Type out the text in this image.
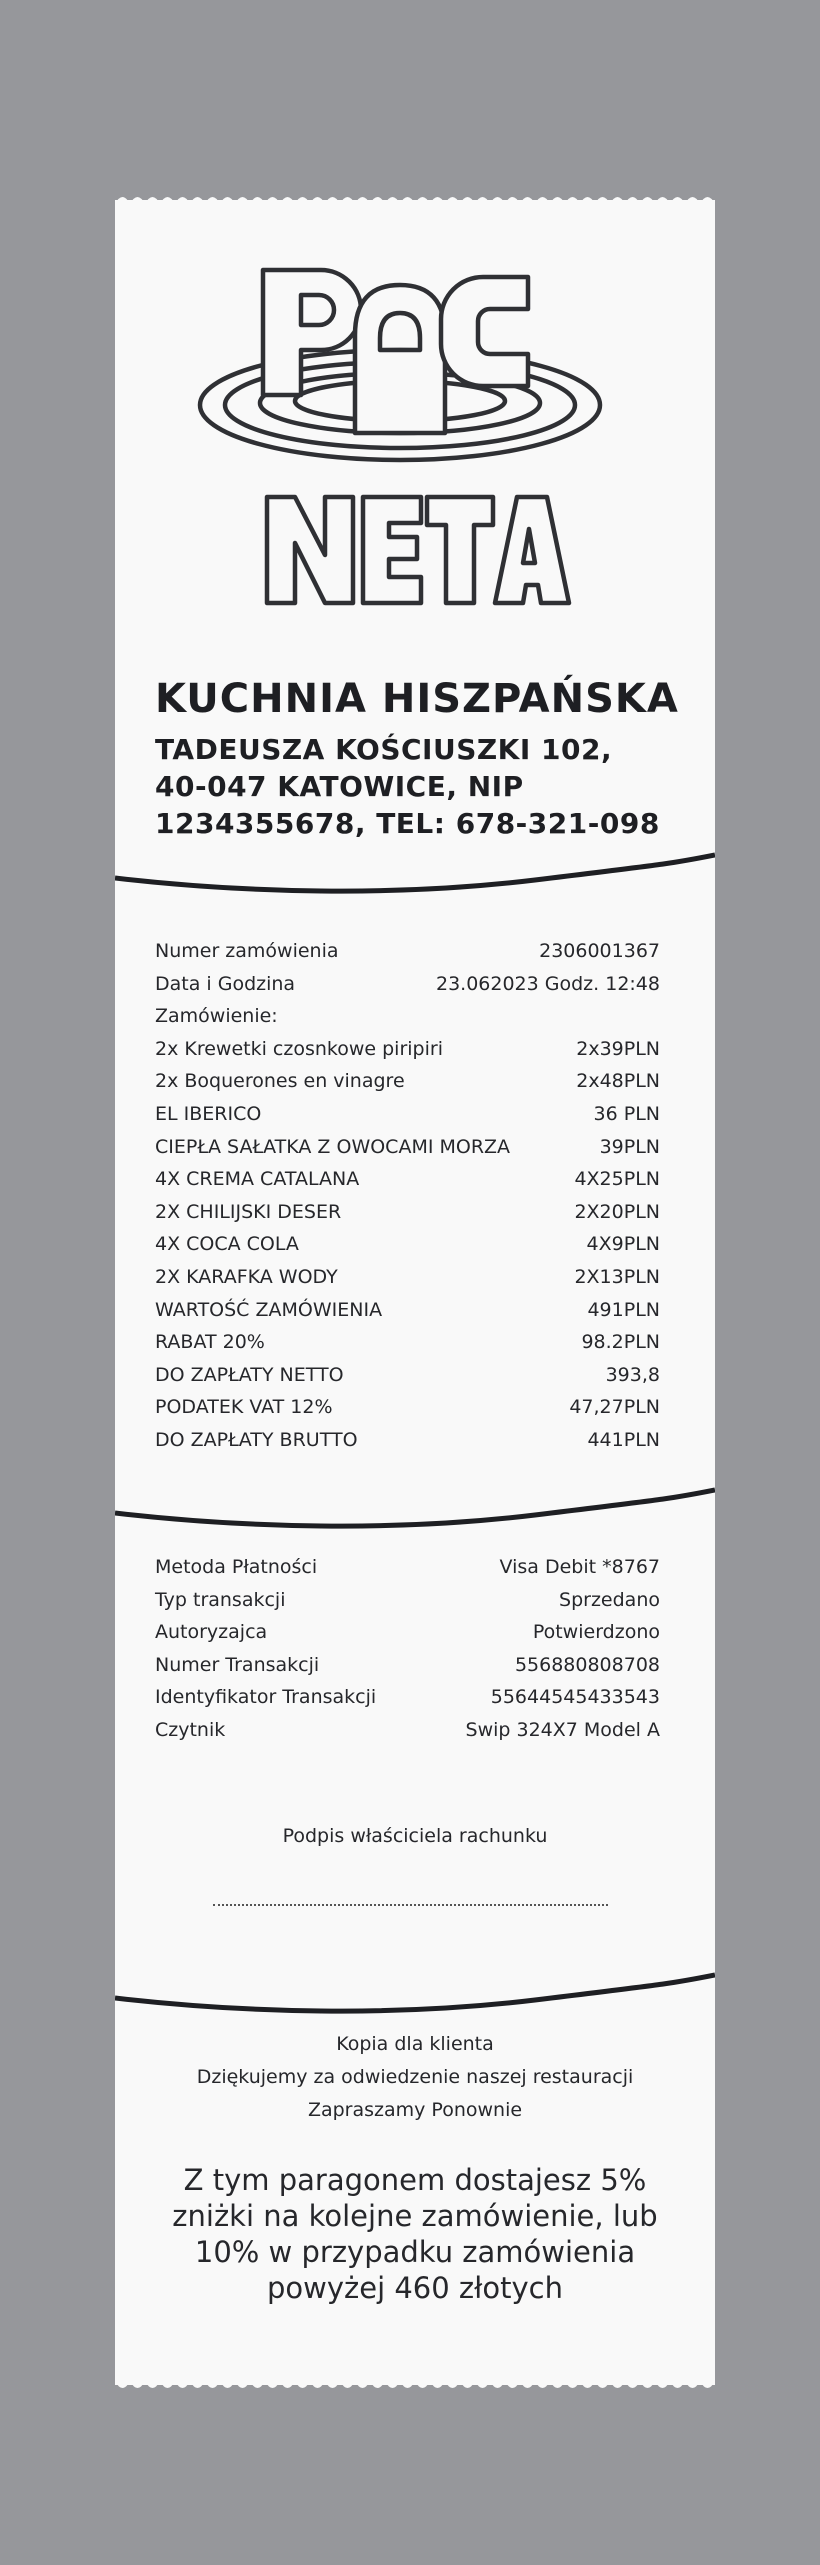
KUCHNIA HISZPAŃSKA
TADEUSZA KOŚCIUSZKI 102,
40-047 KATOWICE, NIP
1234355678, TEL: 678-321-098
Numer zamówienia	2306001367
Data i Godzina	23.062023 Godz. 12:48
Zamówienie:
2x Krewetki czosnkowe piripiri	2x39PLN
2x Boquerones en vinagre	2x48PLN
EL IBERICO	36 PLN
CIEPŁA SAŁATKA Z OWOCAMI MORZA	39PLN
4X CREMA CATALANA	4X25PLN
2X CHILIJSKI DESER	2X20PLN
4X COCA COLA	4X9PLN
2X KARAFKA WODY	2X13PLN
WARTOŚĆ ZAMÓWIENIA	491PLN
RABAT 20%	98.2PLN
DO ZAPŁATY NETTO	393,8
PODATEK VAT 12%	47,27PLN
DO ZAPŁATY BRUTTO	441PLN
Metoda Płatności	Visa Debit *8767
Typ transakcji	Sprzedano
Autoryzajca	Potwierdzono
Numer Transakcji	556880808708
Identyfikator Transakcji	55644545433543
Czytnik	Swip 324X7 Model A
Podpis właściciela rachunku
Kopia dla klienta
Dziękujemy za odwiedzenie naszej restauracji
Zapraszamy Ponownie
Z tym paragonem dostajesz 5%
zniżki na kolejne zamówienie, lub
10% w przypadku zamówienia
powyżej 460 złotych
